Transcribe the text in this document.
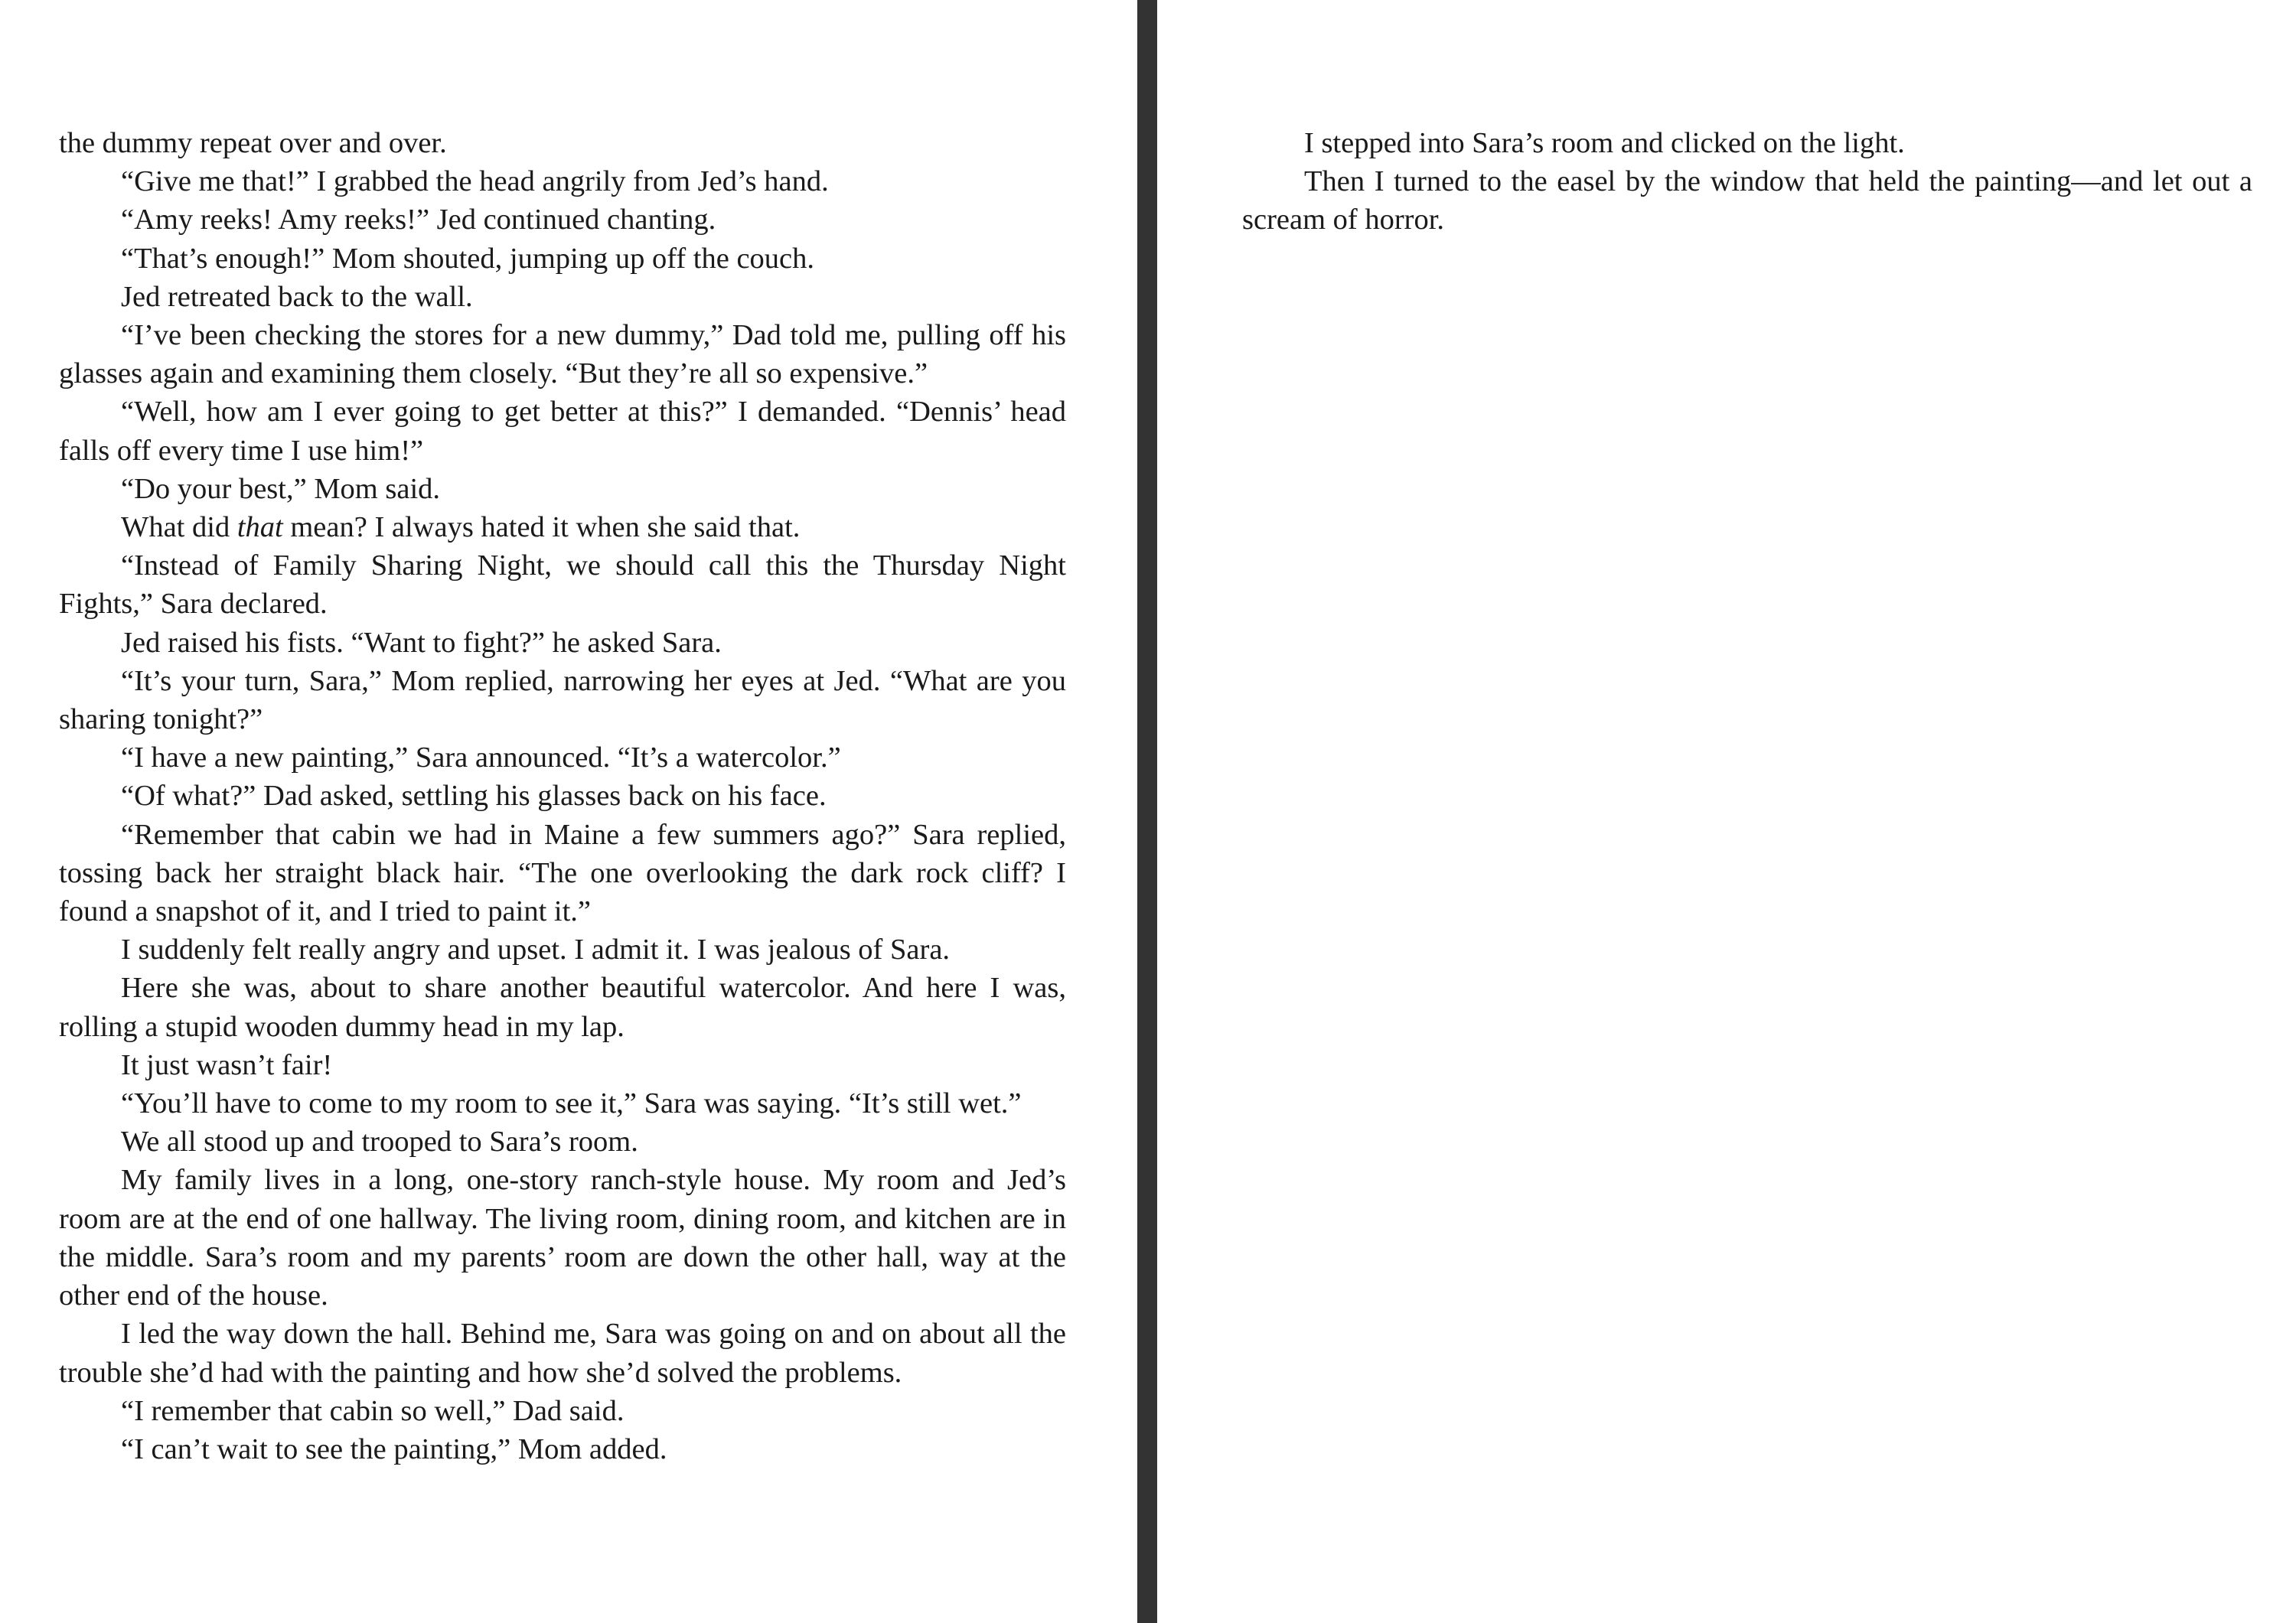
the dummy repeat over and over.

“Give me that!” I grabbed the head angrily from Jed’s hand.

“Amy reeks! Amy reeks!” Jed continued chanting.

“That’s enough!” Mom shouted, jumping up off the couch.

Jed retreated back to the wall.

“I’ve been checking the stores for a new dummy,” Dad told me, pulling off his glasses again and examining them closely. “But they’re all so expensive.”

“Well, how am I ever going to get better at this?” I demanded. “Dennis’ head falls off every time I use him!”

“Do your best,” Mom said.

What did that mean? I always hated it when she said that.

“Instead of Family Sharing Night, we should call this the Thursday Night Fights,” Sara declared.

Jed raised his fists. “Want to fight?” he asked Sara.

“It’s your turn, Sara,” Mom replied, narrowing her eyes at Jed. “What are you sharing tonight?”

“I have a new painting,” Sara announced. “It’s a watercolor.”

“Of what?” Dad asked, settling his glasses back on his face.

“Remember that cabin we had in Maine a few summers ago?” Sara replied, tossing back her straight black hair. “The one overlooking the dark rock cliff? I found a snapshot of it, and I tried to paint it.”

I suddenly felt really angry and upset. I admit it. I was jealous of Sara.

Here she was, about to share another beautiful watercolor. And here I was, rolling a stupid wooden dummy head in my lap.

It just wasn’t fair!

“You’ll have to come to my room to see it,” Sara was saying. “It’s still wet.”

We all stood up and trooped to Sara’s room.

My family lives in a long, one-story ranch-style house. My room and Jed’s room are at the end of one hallway. The living room, dining room, and kitchen are in the middle. Sara’s room and my parents’ room are down the other hall, way at the other end of the house.

I led the way down the hall. Behind me, Sara was going on and on about all the trouble she’d had with the painting and how she’d solved the problems.

“I remember that cabin so well,” Dad said.

“I can’t wait to see the painting,” Mom added.

I stepped into Sara’s room and clicked on the light.

Then I turned to the easel by the window that held the painting—and let out a scream of horror.
